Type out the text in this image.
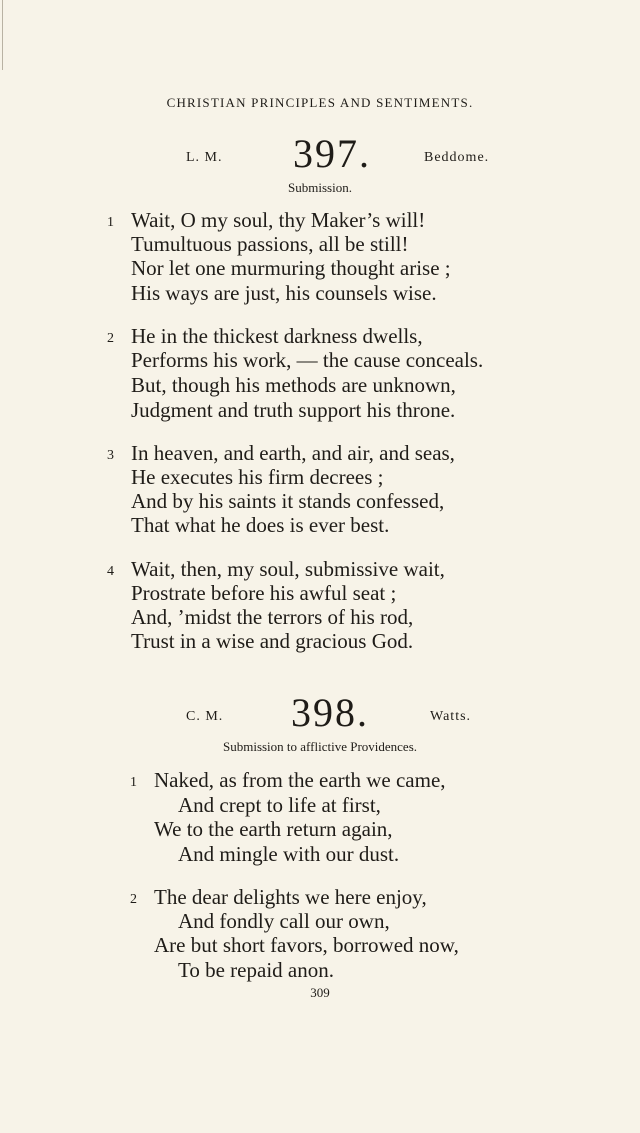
CHRISTIAN PRINCIPLES AND SENTIMENTS.
L. M. 397.	Beddome.
Submission.
1 Wait, O my soul, thy Maker’s will!
Tumultuous passions, all be still!
Nor let one murmuring thought arise ;
His ways are just, his counsels wise.
2 He in the thickest darkness dwells,
Performs his work, — the cause conceals.
But, though his methods are unknown,
Judgment and truth support his throne.
3 In heaven, and earth, and air, and seas,
He executes his firm decrees ;
And by his saints it stands confessed,
That what he does is ever best.
4 Wait, then, my soul, submissive wait,
Prostrate before his awful seat ;
And, ’midst the terrors of his rod,
Trust in a wise and gracious God.
C. M. 398.	Watts.
Submission to afflictive Providences.
1 Naked, as from the earth we came,
And crept to life at first,
We to the earth return again,
And mingle with our dust.
2 The dear delights we here enjoy,
And fondly call our own,
Are but short favors, borrowed now,
To be repaid anon.
309
